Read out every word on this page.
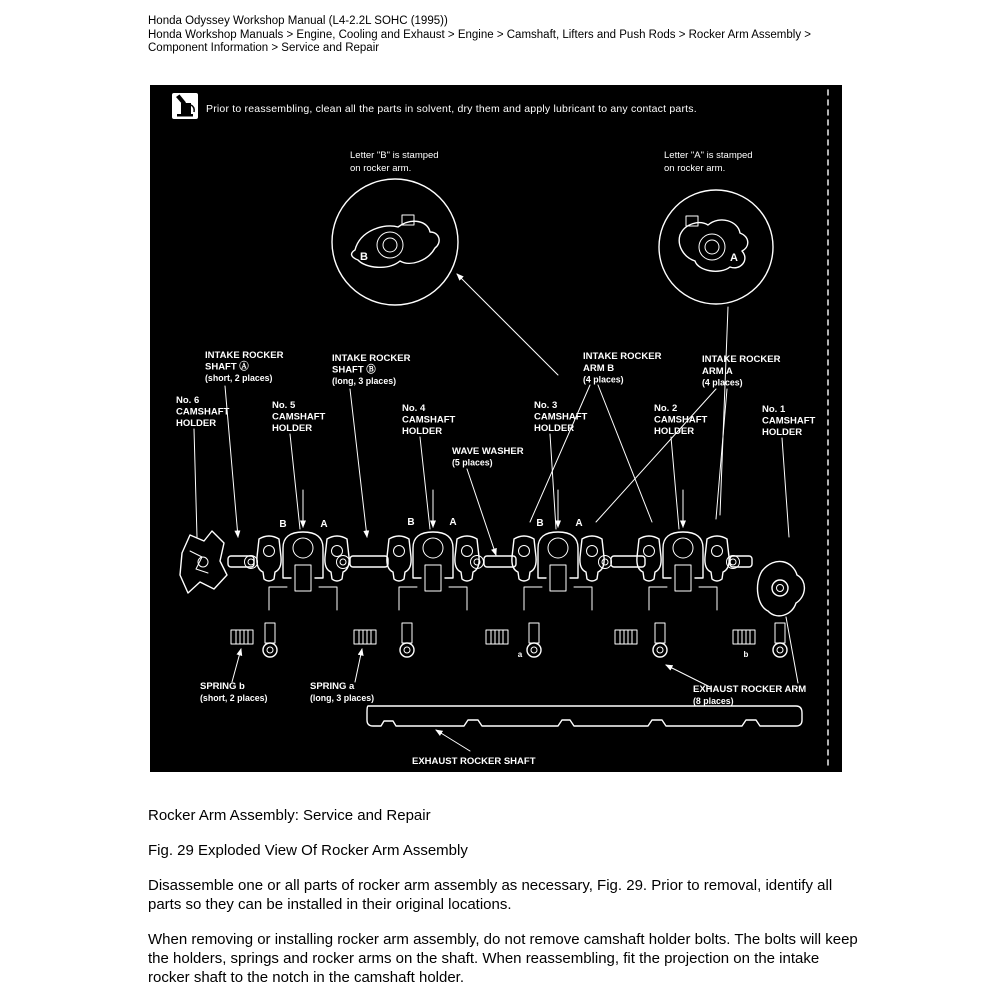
Honda Odyssey Workshop Manual (L4-2.2L SOHC (1995))
Honda Workshop Manuals > Engine, Cooling and Exhaust > Engine > Camshaft, Lifters and Push Rods > Rocker Arm Assembly > Component Information > Service and Repair
Prior to reassembling, clean all the parts in solvent, dry them and apply lubricant to any contact parts.
Letter "B" is stamped
on rocker arm.
B
Letter "A" is stamped
on rocker arm.
A
INTAKE ROCKER
SHAFT Ⓐ
(short, 2 places)
INTAKE ROCKER
SHAFT Ⓑ
(long, 3 places)
INTAKE ROCKER
ARM B
(4 places)
INTAKE ROCKER
ARM A
(4 places)
No. 6
CAMSHAFT
HOLDER
No. 5
CAMSHAFT
HOLDER
No. 4
CAMSHAFT
HOLDER
No. 3
CAMSHAFT
HOLDER
No. 2
CAMSHAFT
HOLDER
No. 1
CAMSHAFT
HOLDER
WAVE WASHER
(5 places)
SPRING b
(short, 2 places)
SPRING a
(long, 3 places)
EXHAUST ROCKER ARM
(8 places)
EXHAUST ROCKER SHAFT
B	A	B	A	B	A
a	b
Rocker Arm Assembly: Service and Repair
Fig. 29 Exploded View Of Rocker Arm Assembly
Disassemble one or all parts of rocker arm assembly as necessary, Fig. 29. Prior to removal, identify all parts so they can be installed in their original locations.
When removing or installing rocker arm assembly, do not remove camshaft holder bolts. The bolts will keep the holders, springs and rocker arms on the shaft. When reassembling, fit the projection on the intake rocker shaft to the notch in the camshaft holder.
